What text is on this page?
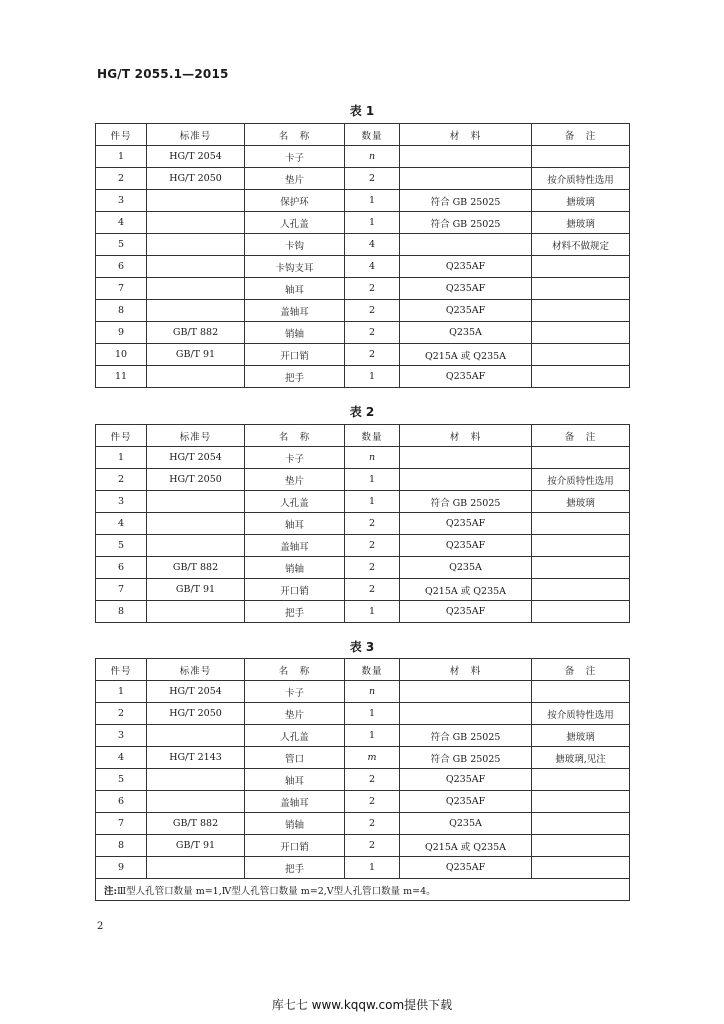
HG/T 2055.1—2015
表 1
件号	标准号	名　称	数量	材　料	备　注
1	HG/T 2054	卡子	n		
2	HG/T 2050	垫片	2		按介质特性选用
3		保护环	1	符合 GB 25025	搪玻璃
4		人孔盖	1	符合 GB 25025	搪玻璃
5		卡钩	4		材料不做规定
6		卡钩支耳	4	Q235AF	
7		轴耳	2	Q235AF	
8		盖轴耳	2	Q235AF	
9	GB/T 882	销轴	2	Q235A	
10	GB/T 91	开口销	2	Q215A 或 Q235A	
11		把手	1	Q235AF	
表 2
件号	标准号	名　称	数量	材　料	备　注
1	HG/T 2054	卡子	n		
2	HG/T 2050	垫片	1		按介质特性选用
3		人孔盖	1	符合 GB 25025	搪玻璃
4		轴耳	2	Q235AF	
5		盖轴耳	2	Q235AF	
6	GB/T 882	销轴	2	Q235A	
7	GB/T 91	开口销	2	Q215A 或 Q235A	
8		把手	1	Q235AF	
表 3
件号	标准号	名　称	数量	材　料	备　注
1	HG/T 2054	卡子	n		
2	HG/T 2050	垫片	1		按介质特性选用
3		人孔盖	1	符合 GB 25025	搪玻璃
4	HG/T 2143	管口	m	符合 GB 25025	搪玻璃,见注
5		轴耳	2	Q235AF	
6		盖轴耳	2	Q235AF	
7	GB/T 882	销轴	2	Q235A	
8	GB/T 91	开口销	2	Q215A 或 Q235A	
9		把手	1	Q235AF	
注:Ⅲ型人孔管口数量 m=1,Ⅳ型人孔管口数量 m=2,Ⅴ型人孔管口数量 m=4。					
2
库七七 www.kqqw.com提供下载
